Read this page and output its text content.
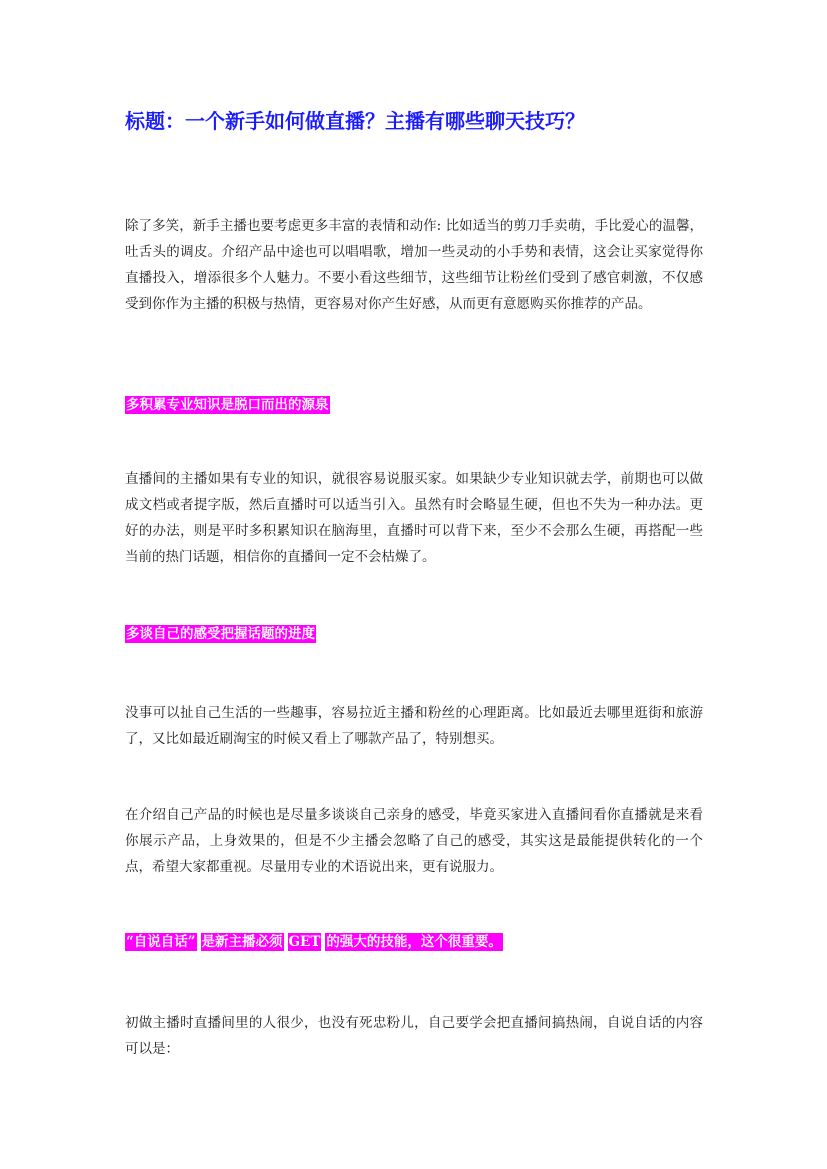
标题：一个新手如何做直播？主播有哪些聊天技巧？

除了多笑，新手主播也要考虑更多丰富的表情和动作: 比如适当的剪刀手卖萌，手比爱心的温馨，吐舌头的调皮。介绍产品中途也可以唱唱歌，增加一些灵动的小手势和表情，这会让买家觉得你直播投入，增添很多个人魅力。不要小看这些细节，这些细节让粉丝们受到了感官刺激，不仅感受到你作为主播的积极与热情，更容易对你产生好感，从而更有意愿购买你推荐的产品。

多积累专业知识是脱口而出的源泉

直播间的主播如果有专业的知识，就很容易说服买家。如果缺少专业知识就去学，前期也可以做成文档或者提字版，然后直播时可以适当引入。虽然有时会略显生硬，但也不失为一种办法。更好的办法，则是平时多积累知识在脑海里，直播时可以背下来，至少不会那么生硬，再搭配一些当前的热门话题，相信你的直播间一定不会枯燥了。

多谈自己的感受把握话题的进度

没事可以扯自己生活的一些趣事，容易拉近主播和粉丝的心理距离。比如最近去哪里逛街和旅游了，又比如最近刷淘宝的时候又看上了哪款产品了，特别想买。

在介绍自己产品的时候也是尽量多谈谈自己亲身的感受，毕竟买家进入直播间看你直播就是来看你展示产品，上身效果的，但是不少主播会忽略了自己的感受，其实这是最能提供转化的一个点，希望大家都重视。尽量用专业的术语说出来，更有说服力。

“自说自话” 是新主播必须 GET 的强大的技能，这个很重要。

初做主播时直播间里的人很少，也没有死忠粉儿，自己要学会把直播间搞热闹，自说自话的内容可以是：
